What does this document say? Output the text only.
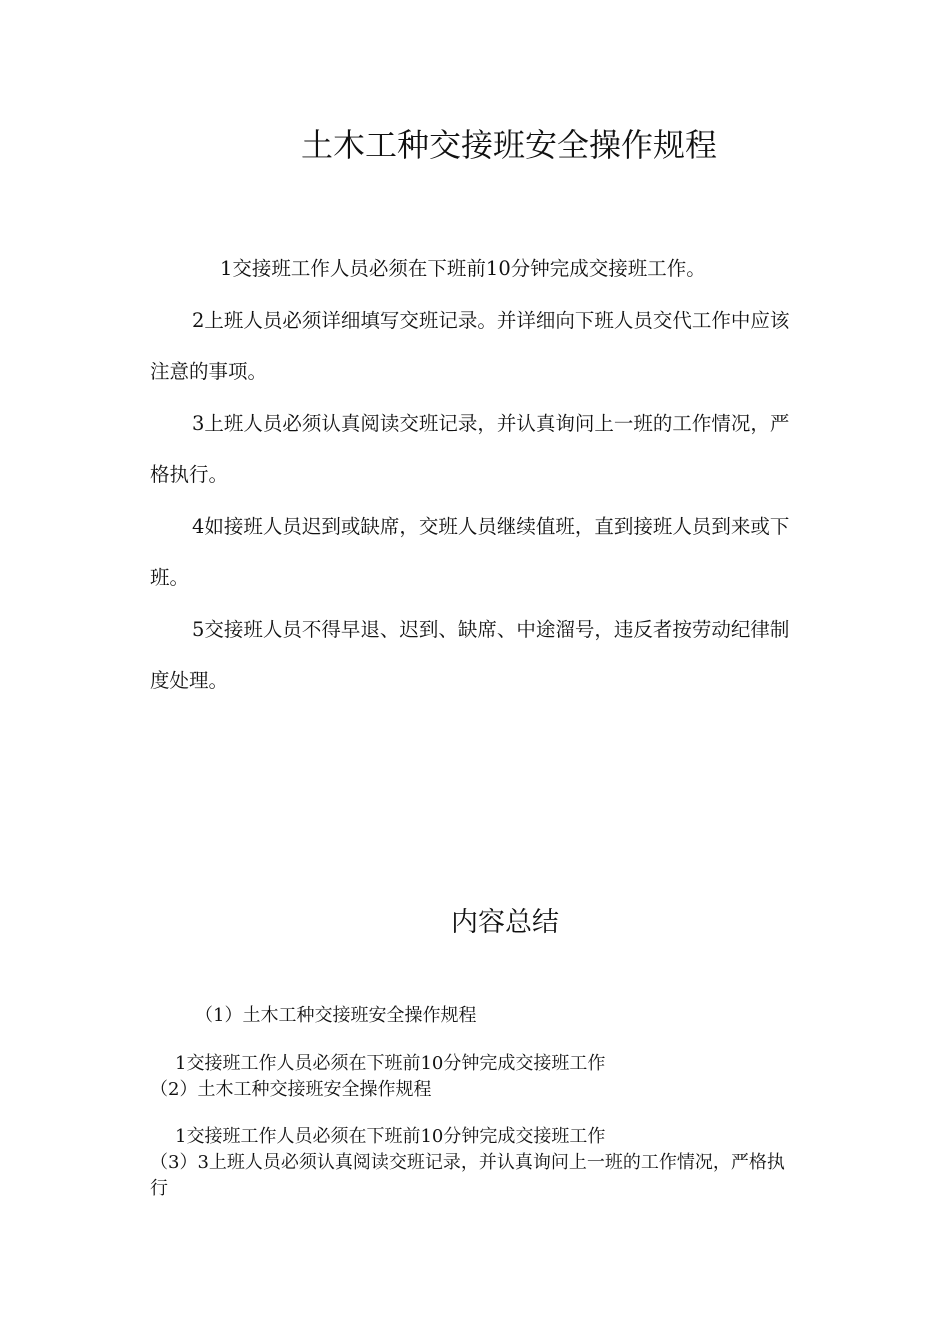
土木工种交接班安全操作规程

1交接班工作人员必须在下班前10分钟完成交接班工作。

2上班人员必须详细填写交班记录。并详细向下班人员交代工作中应该注意的事项。

3上班人员必须认真阅读交班记录，并认真询问上一班的工作情况，严格执行。

4如接班人员迟到或缺席，交班人员继续值班，直到接班人员到来或下班。

5交接班人员不得早退、迟到、缺席、中途溜号，违反者按劳动纪律制度处理。

内容总结

（1）土木工种交接班安全操作规程

1交接班工作人员必须在下班前10分钟完成交接班工作

（2）土木工种交接班安全操作规程

1交接班工作人员必须在下班前10分钟完成交接班工作

（3）3上班人员必须认真阅读交班记录，并认真询问上一班的工作情况，严格执行
